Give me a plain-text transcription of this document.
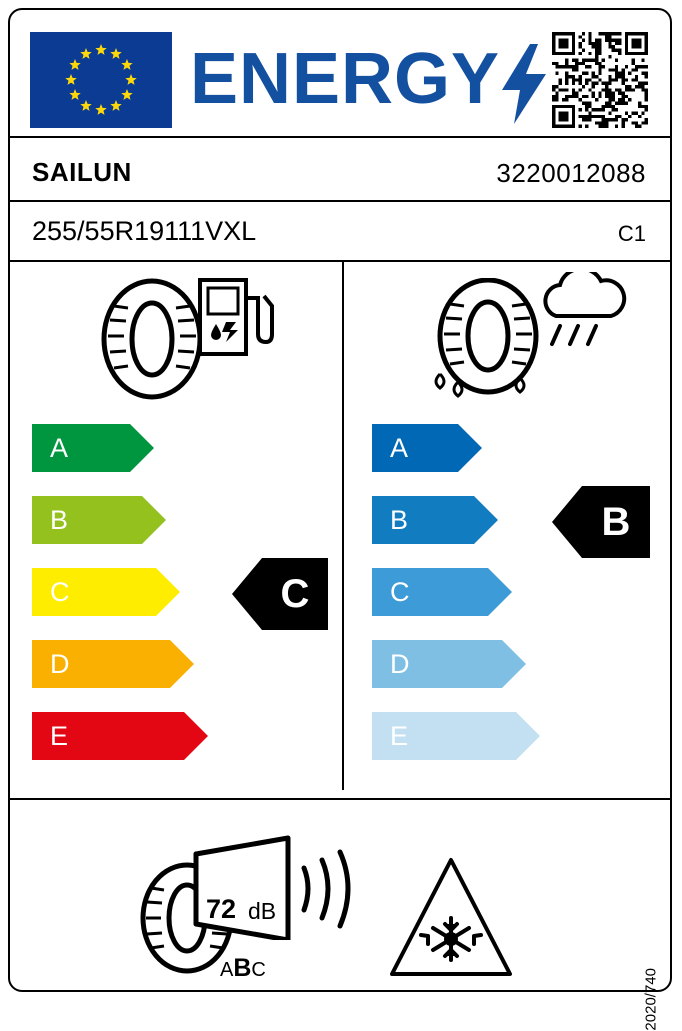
ENERGY
SAILUN	3220012088
255/55R19111VXL	C1
A
B
C
D
E
C
A
B
C
D
E
B
72 dB
ABC	2020/740
